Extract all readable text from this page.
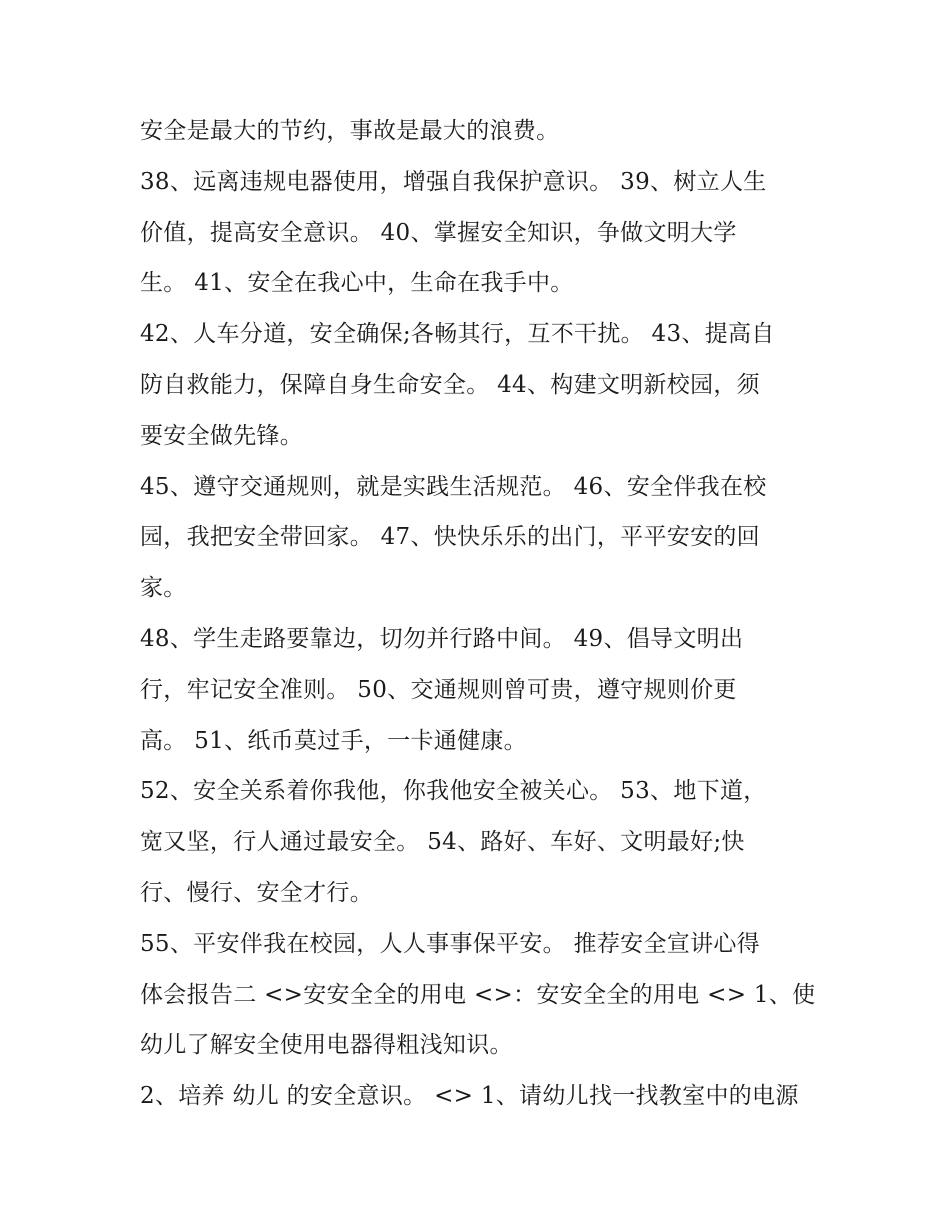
安全是最大的节约，事故是最大的浪费。
38、远离违规电器使用，增强自我保护意识。 39、树立人生
价值，提高安全意识。 40、掌握安全知识，争做文明大学
生。 41、安全在我心中，生命在我手中。
42、人车分道，安全确保;各畅其行，互不干扰。 43、提高自
防自救能力，保障自身生命安全。 44、构建文明新校园，须
要安全做先锋。
45、遵守交通规则，就是实践生活规范。 46、安全伴我在校
园，我把安全带回家。 47、快快乐乐的出门，平平安安的回
家。
48、学生走路要靠边，切勿并行路中间。 49、倡导文明出
行，牢记安全准则。 50、交通规则曾可贵，遵守规则价更
高。 51、纸币莫过手，一卡通健康。
52、安全关系着你我他，你我他安全被关心。 53、地下道，
宽又坚，行人通过最安全。 54、路好、车好、文明最好;快
行、慢行、安全才行。
55、平安伴我在校园，人人事事保平安。 推荐安全宣讲心得
体会报告二 <>安安全全的用电 <>：安安全全的用电 <> 1、使
幼儿了解安全使用电器得粗浅知识。
2、培养 幼儿 的安全意识。 <> 1、请幼儿找一找教室中的电源
